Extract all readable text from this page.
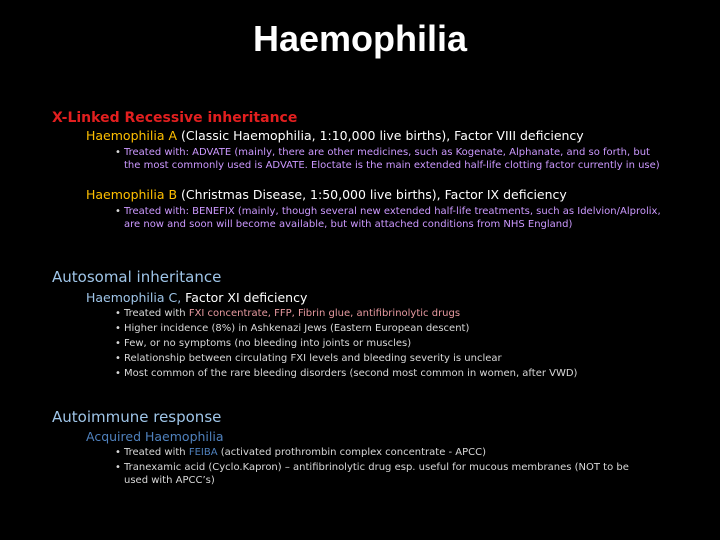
Haemophilia
X-Linked Recessive inheritance
Haemophilia A (Classic Haemophilia, 1:10,000 live births), Factor VIII deficiency
• Treated with: ADVATE (mainly, there are other medicines, such as Kogenate, Alphanate, and so forth, but the most commonly used is ADVATE. Eloctate is the main extended half-life clotting factor currently in use)
Haemophilia B (Christmas Disease, 1:50,000 live births), Factor IX deficiency
• Treated with: BENEFIX (mainly, though several new extended half-life treatments, such as Idelvion/Alprolix, are now and soon will become available, but with attached conditions from NHS England)
Autosomal inheritance
Haemophilia C, Factor XI deficiency
• Treated with FXI concentrate, FFP, Fibrin glue, antifibrinolytic drugs
• Higher incidence (8%) in Ashkenazi Jews (Eastern European descent)
• Few, or no symptoms (no bleeding into joints or muscles)
• Relationship between circulating FXI levels and bleeding severity is unclear
• Most common of the rare bleeding disorders (second most common in women, after VWD)
Autoimmune response
Acquired Haemophilia
• Treated with FEIBA (activated prothrombin complex concentrate - APCC)
• Tranexamic acid (Cyclo.Kapron) – antifibrinolytic drug esp. useful for mucous membranes (NOT to be used with APCC’s)
